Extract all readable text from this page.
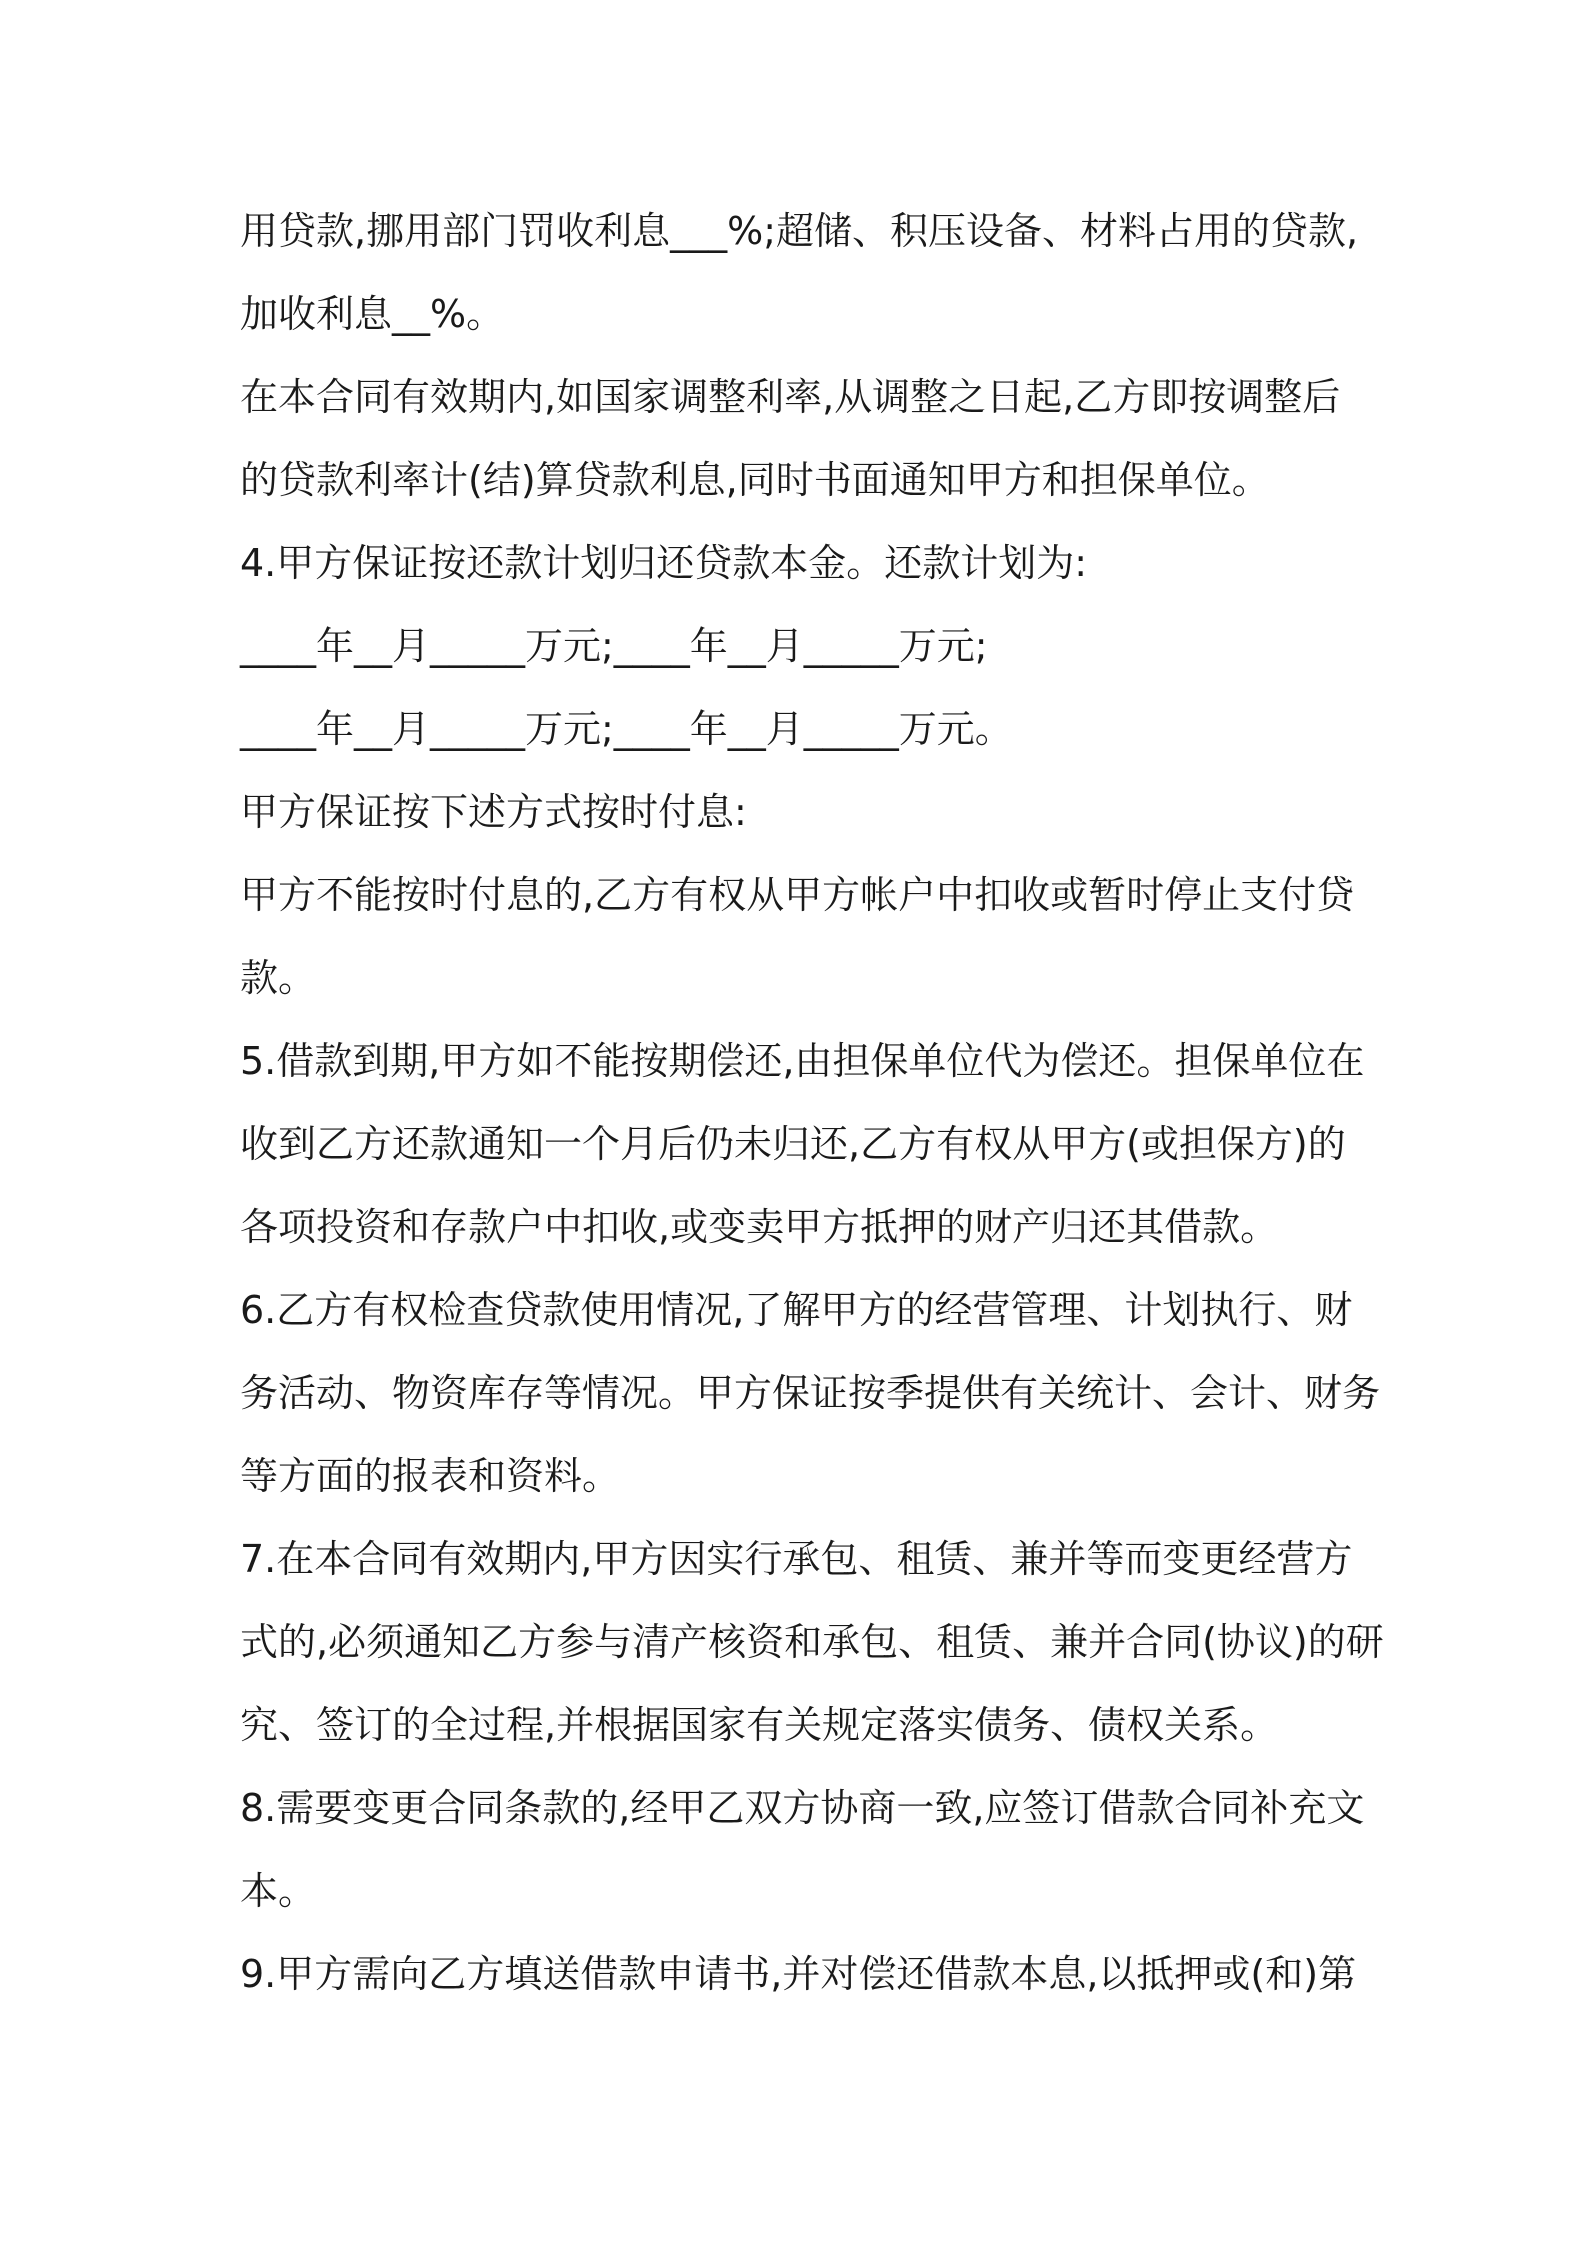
用贷款,挪用部门罚收利息___%;超储、积压设备、材料占用的贷款,
加收利息__%。
在本合同有效期内,如国家调整利率,从调整之日起,乙方即按调整后
的贷款利率计(结)算贷款利息,同时书面通知甲方和担保单位。
4.甲方保证按还款计划归还贷款本金。还款计划为:
____年__月_____万元;____年__月_____万元;
____年__月_____万元;____年__月_____万元。
甲方保证按下述方式按时付息:
甲方不能按时付息的,乙方有权从甲方帐户中扣收或暂时停止支付贷
款。
5.借款到期,甲方如不能按期偿还,由担保单位代为偿还。担保单位在
收到乙方还款通知一个月后仍未归还,乙方有权从甲方(或担保方)的
各项投资和存款户中扣收,或变卖甲方抵押的财产归还其借款。
6.乙方有权检查贷款使用情况,了解甲方的经营管理、计划执行、财
务活动、物资库存等情况。甲方保证按季提供有关统计、会计、财务
等方面的报表和资料。
7.在本合同有效期内,甲方因实行承包、租赁、兼并等而变更经营方
式的,必须通知乙方参与清产核资和承包、租赁、兼并合同(协议)的研
究、签订的全过程,并根据国家有关规定落实债务、债权关系。
8.需要变更合同条款的,经甲乙双方协商一致,应签订借款合同补充文
本。
9.甲方需向乙方填送借款申请书,并对偿还借款本息,以抵押或(和)第
